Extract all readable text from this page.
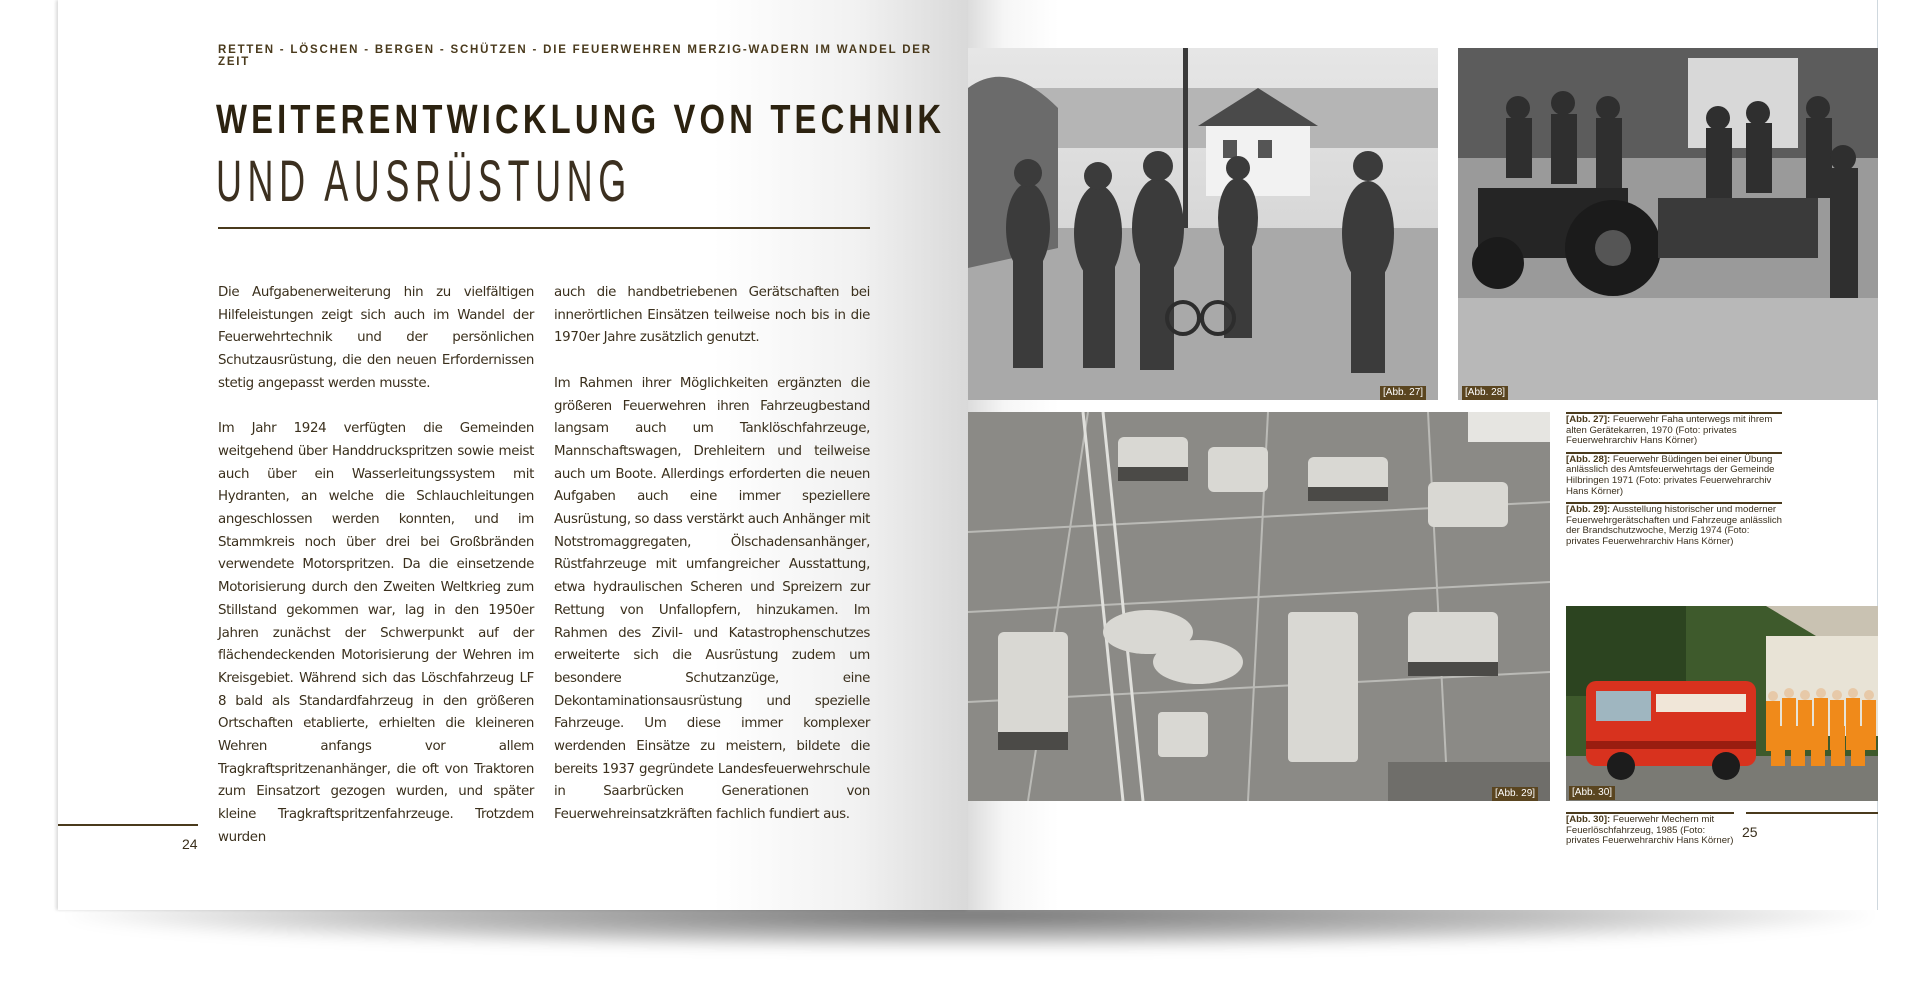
RETTEN - LÖSCHEN - BERGEN - SCHÜTZEN - DIE FEUERWEHREN MERZIG-WADERN IM WANDEL DER ZEIT
WEITERENTWICKLUNG VON TECHNIK
UND AUSRÜSTUNG

Die Aufgabenerweiterung hin zu vielfältigen Hilfeleistungen zeigt sich auch im Wandel der Feuerwehrtechnik und der persönlichen Schutzausrüstung, die den neuen Erfordernissen stetig angepasst werden musste.

Im Jahr 1924 verfügten die Gemeinden weitgehend über Handdruckspritzen sowie meist auch über ein Wasserleitungssystem mit Hydranten, an welche die Schlauchleitungen angeschlossen werden konnten, und im Stammkreis noch über drei bei Großbränden verwendete Motorspritzen. Da die einsetzende Motorisierung durch den Zweiten Weltkrieg zum Stillstand gekommen war, lag in den 1950er Jahren zunächst der Schwerpunkt auf der flächendeckenden Motorisierung der Wehren im Kreisgebiet. Während sich das Löschfahrzeug LF 8 bald als Standardfahrzeug in den größeren Ortschaften etablierte, erhielten die kleineren Wehren anfangs vor allem Tragkraftspritzenanhänger, die oft von Traktoren zum Einsatzort gezogen wurden, und später kleine Tragkraftspritzenfahrzeuge. Trotzdem wurden

auch die handbetriebenen Gerätschaften bei innerörtlichen Einsätzen teilweise noch bis in die 1970er Jahre zusätzlich genutzt.

Im Rahmen ihrer Möglichkeiten ergänzten die größeren Feuerwehren ihren Fahrzeugbestand langsam auch um Tanklöschfahrzeuge, Mannschaftswagen, Drehleitern und teilweise auch um Boote. Allerdings erforderten die neuen Aufgaben auch eine immer speziellere Ausrüstung, so dass verstärkt auch Anhänger mit Notstromaggregaten, Ölschadensanhänger, Rüstfahrzeuge mit umfangreicher Ausstattung, etwa hydraulischen Scheren und Spreizern zur Rettung von Unfallopfern, hinzukamen. Im Rahmen des Zivil- und Katastrophenschutzes erweiterte sich die Ausrüstung zudem um besondere Schutzanzüge, eine Dekontaminationsausrüstung und spezielle Fahrzeuge. Um diese immer komplexer werdenden Einsätze zu meistern, bildete die bereits 1937 gegründete Landesfeuerwehrschule in Saarbrücken Generationen von Feuerwehreinsatzkräften fachlich fundiert aus.

24
[Abb. 27]	[Abb. 28]
[Abb. 29]
[Abb. 27]: Feuerwehr Faha unterwegs mit ihrem alten Gerätekarren, 1970 (Foto: privates Feuerwehrarchiv Hans Körner)
[Abb. 28]: Feuerwehr Büdingen bei einer Übung anlässlich des Amtsfeuerwehrtags der Gemeinde Hilbringen 1971 (Foto: privates Feuerwehrarchiv Hans Körner)
[Abb. 29]: Ausstellung historischer und moderner Feuerwehrgerätschaften und Fahrzeuge anlässlich der Brandschutzwoche, Merzig 1974 (Foto: privates Feuerwehrarchiv Hans Körner)
[Abb. 30]
[Abb. 30]: Feuerwehr Mechern mit Feuerlöschfahrzeug, 1985 (Foto: privates Feuerwehrarchiv Hans Körner)
25
